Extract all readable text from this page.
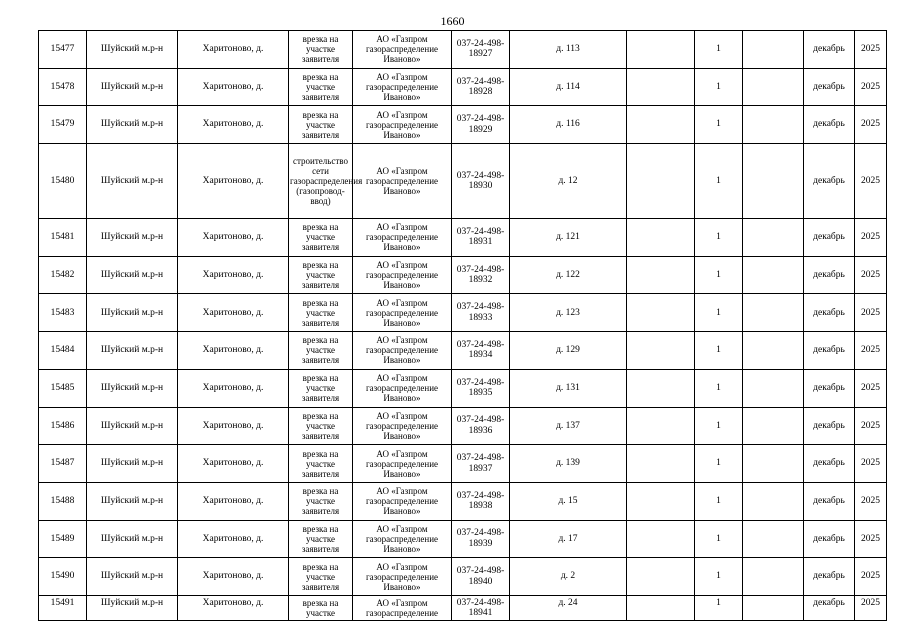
1660
15477	Шуйский м.р-н	Харитоново, д.	врезка на участке заявителя	АО «Газпром газораспределение Иваново»	037-24-498-18927	д. 113		1		декабрь	2025
15478	Шуйский м.р-н	Харитоново, д.	врезка на участке заявителя	АО «Газпром газораспределение Иваново»	037-24-498-18928	д. 114		1		декабрь	2025
15479	Шуйский м.р-н	Харитоново, д.	врезка на участке заявителя	АО «Газпром газораспределение Иваново»	037-24-498-18929	д. 116		1		декабрь	2025
15480	Шуйский м.р-н	Харитоново, д.	строительство сети газораспределения (газопровод-ввод)	АО «Газпром газораспределение Иваново»	037-24-498-18930	д. 12		1		декабрь	2025
15481	Шуйский м.р-н	Харитоново, д.	врезка на участке заявителя	АО «Газпром газораспределение Иваново»	037-24-498-18931	д. 121		1		декабрь	2025
15482	Шуйский м.р-н	Харитоново, д.	врезка на участке заявителя	АО «Газпром газораспределение Иваново»	037-24-498-18932	д. 122		1		декабрь	2025
15483	Шуйский м.р-н	Харитоново, д.	врезка на участке заявителя	АО «Газпром газораспределение Иваново»	037-24-498-18933	д. 123		1		декабрь	2025
15484	Шуйский м.р-н	Харитоново, д.	врезка на участке заявителя	АО «Газпром газораспределение Иваново»	037-24-498-18934	д. 129		1		декабрь	2025
15485	Шуйский м.р-н	Харитоново, д.	врезка на участке заявителя	АО «Газпром газораспределение Иваново»	037-24-498-18935	д. 131		1		декабрь	2025
15486	Шуйский м.р-н	Харитоново, д.	врезка на участке заявителя	АО «Газпром газораспределение Иваново»	037-24-498-18936	д. 137		1		декабрь	2025
15487	Шуйский м.р-н	Харитоново, д.	врезка на участке заявителя	АО «Газпром газораспределение Иваново»	037-24-498-18937	д. 139		1		декабрь	2025
15488	Шуйский м.р-н	Харитоново, д.	врезка на участке заявителя	АО «Газпром газораспределение Иваново»	037-24-498-18938	д. 15		1		декабрь	2025
15489	Шуйский м.р-н	Харитоново, д.	врезка на участке заявителя	АО «Газпром газораспределение Иваново»	037-24-498-18939	д. 17		1		декабрь	2025
15490	Шуйский м.р-н	Харитоново, д.	врезка на участке заявителя	АО «Газпром газораспределение Иваново»	037-24-498-18940	д. 2		1		декабрь	2025
15491	Шуйский м.р-н	Харитоново, д.	врезка на участке	АО «Газпром газораспределение	037-24-498-18941	д. 24		1		декабрь	2025
